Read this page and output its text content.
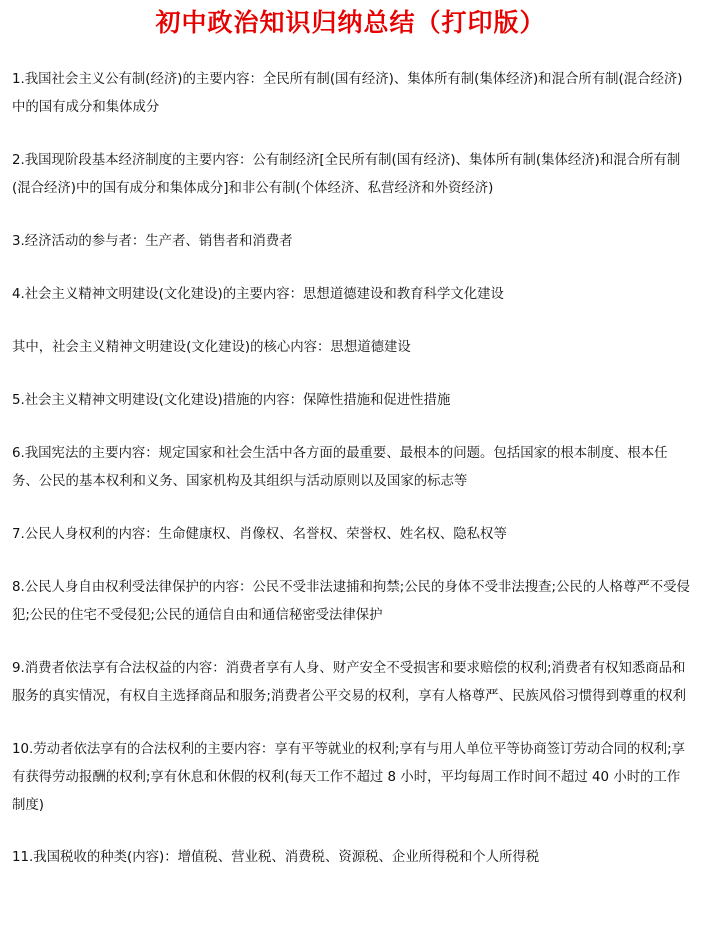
初中政治知识归纳总结（打印版）

1.我国社会主义公有制(经济)的主要内容：全民所有制(国有经济)、集体所有制(集体经济)和混合所有制(混合经济)中的国有成分和集体成分

2.我国现阶段基本经济制度的主要内容：公有制经济[全民所有制(国有经济)、集体所有制(集体经济)和混合所有制(混合经济)中的国有成分和集体成分]和非公有制(个体经济、私营经济和外资经济)

3.经济活动的参与者：生产者、销售者和消费者

4.社会主义精神文明建设(文化建设)的主要内容：思想道德建设和教育科学文化建设

其中，社会主义精神文明建设(文化建设)的核心内容：思想道德建设

5.社会主义精神文明建设(文化建设)措施的内容：保障性措施和促进性措施

6.我国宪法的主要内容：规定国家和社会生活中各方面的最重要、最根本的问题。包括国家的根本制度、根本任务、公民的基本权利和义务、国家机构及其组织与活动原则以及国家的标志等

7.公民人身权利的内容：生命健康权、肖像权、名誉权、荣誉权、姓名权、隐私权等

8.公民人身自由权利受法律保护的内容：公民不受非法逮捕和拘禁;公民的身体不受非法搜查;公民的人格尊严不受侵犯;公民的住宅不受侵犯;公民的通信自由和通信秘密受法律保护

9.消费者依法享有合法权益的内容：消费者享有人身、财产安全不受损害和要求赔偿的权利;消费者有权知悉商品和服务的真实情况，有权自主选择商品和服务;消费者公平交易的权利，享有人格尊严、民族风俗习惯得到尊重的权利

10.劳动者依法享有的合法权利的主要内容：享有平等就业的权利;享有与用人单位平等协商签订劳动合同的权利;享有获得劳动报酬的权利;享有休息和休假的权利(每天工作不超过 8 小时，平均每周工作时间不超过 40 小时的工作制度)

11.我国税收的种类(内容)：增值税、营业税、消费税、资源税、企业所得税和个人所得税
